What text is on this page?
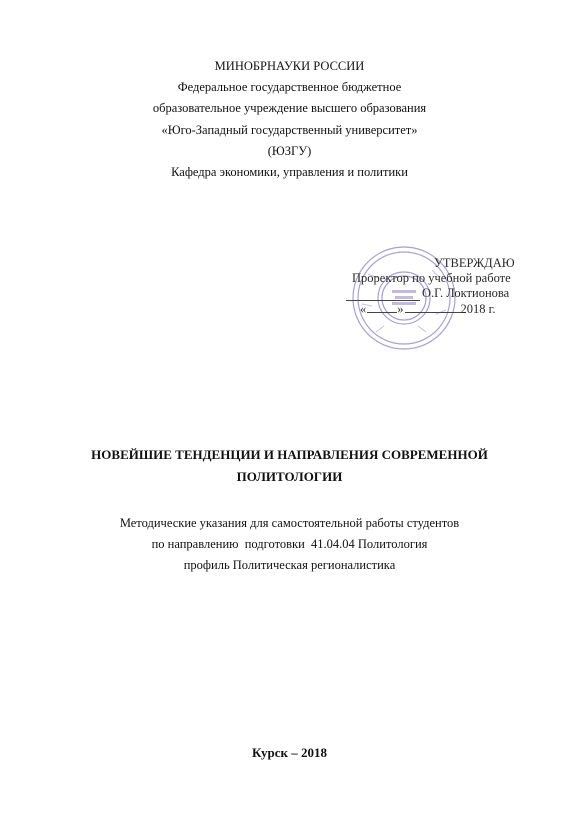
МИНОБРНАУКИ РОССИИ
Федеральное государственное бюджетное
образовательное учреждение высшего образования
«Юго-Западный государственный университет»
(ЮЗГУ)
Кафедра экономики, управления и политики
УТВЕРЖДАЮ
Проректор по учебной работе
О.Г. Локтионова
« »	2018 г.
НОВЕЙШИЕ ТЕНДЕНЦИИ И НАПРАВЛЕНИЯ СОВРЕМЕННОЙ
ПОЛИТОЛОГИИ
Методические указания для самостоятельной работы студентов
по направлению  подготовки  41.04.04 Политология
профиль Политическая регионалистика
Курск – 2018
